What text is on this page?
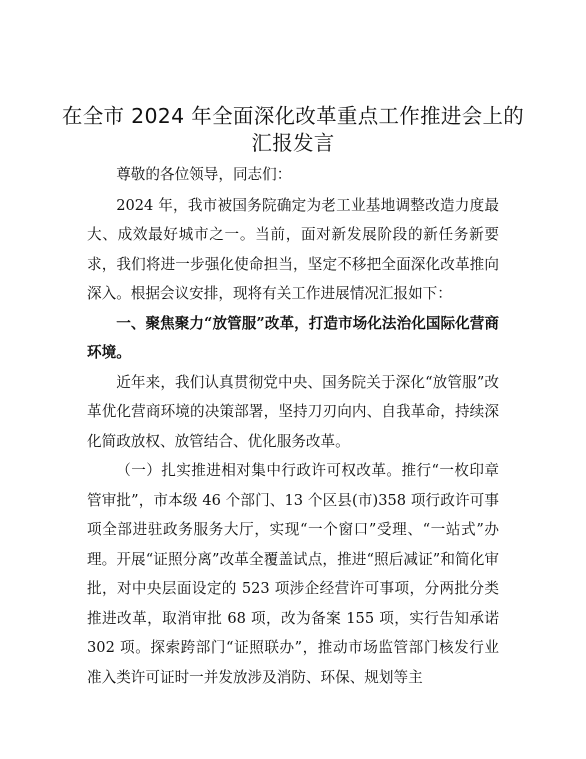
在全市 2024 年全面深化改革重点工作推进会上的汇报发言

尊敬的各位领导，同志们：

2024 年，我市被国务院确定为老工业基地调整改造力度最大、成效最好城市之一。当前，面对新发展阶段的新任务新要求，我们将进一步强化使命担当，坚定不移把全面深化改革推向深入。根据会议安排，现将有关工作进展情况汇报如下：

一、聚焦聚力“放管服”改革，打造市场化法治化国际化营商环境。

近年来，我们认真贯彻党中央、国务院关于深化“放管服”改革优化营商环境的决策部署，坚持刀刃向内、自我革命，持续深化简政放权、放管结合、优化服务改革。

（一）扎实推进相对集中行政许可权改革。推行“一枚印章管审批”，市本级 46 个部门、13 个区县(市)358 项行政许可事项全部进驻政务服务大厅，实现“一个窗口”受理、“一站式”办理。开展“证照分离”改革全覆盖试点，推进“照后减证”和简化审批，对中央层面设定的 523 项涉企经营许可事项，分两批分类推进改革，取消审批 68 项，改为备案 155 项，实行告知承诺 302 项。探索跨部门“证照联办”，推动市场监管部门核发行业准入类许可证时一并发放涉及消防、环保、规划等主
